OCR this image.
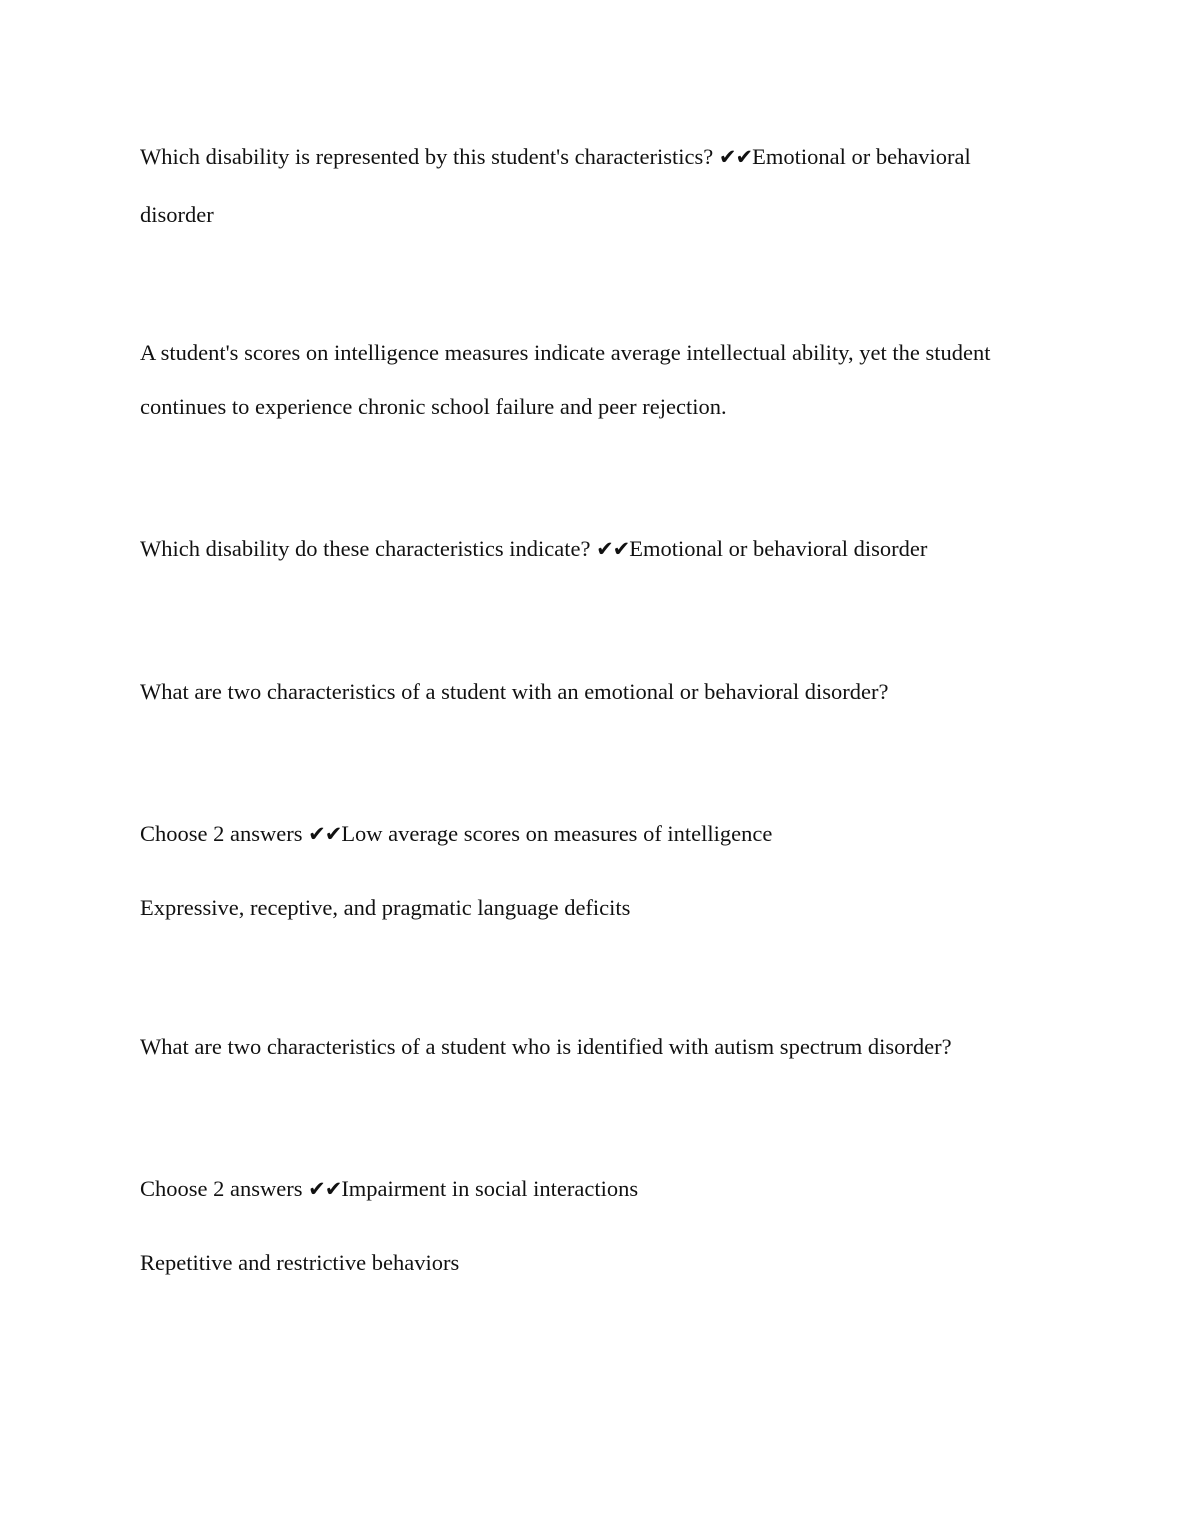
Which disability is represented by this student's characteristics? ✔✔Emotional or behavioral

disorder

A student's scores on intelligence measures indicate average intellectual ability, yet the student

continues to experience chronic school failure and peer rejection.

Which disability do these characteristics indicate? ✔✔Emotional or behavioral disorder

What are two characteristics of a student with an emotional or behavioral disorder?

Choose 2 answers ✔✔Low average scores on measures of intelligence

Expressive, receptive, and pragmatic language deficits

What are two characteristics of a student who is identified with autism spectrum disorder?

Choose 2 answers ✔✔Impairment in social interactions

Repetitive and restrictive behaviors
